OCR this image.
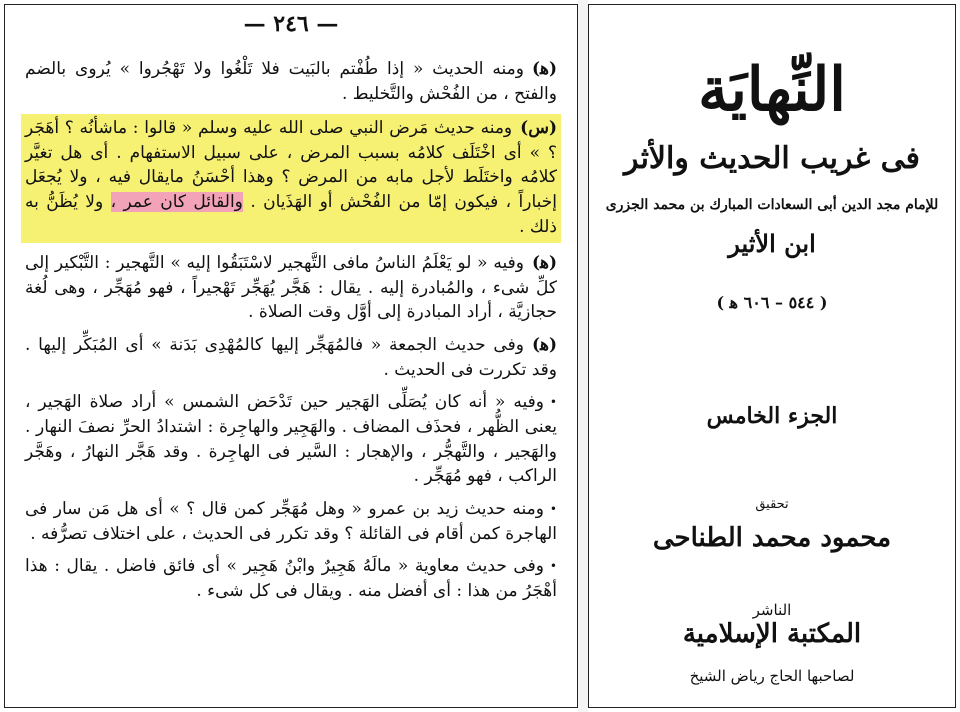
— ٢٤٦ —

(ﻫ)ومنه الحديث « إذا طُفْتم بالبَيت فلا تَلْغُوا ولا تَهْجُروا » يُروى بالضم والفتح ، من الفُحْش والتَّخليط .

(س)ومنه حديث مَرض النبي صلى الله عليه وسلم « قالوا : ماشأنُه ؟ أهَجَر ؟ » أى اخْتَلَف كلامُه بسبب المرض ، على سبيل الاستفهام . أى هل تغيَّر كلامُه واختَلَط لأجل مابه من المرض ؟ وهذا أحْسَنُ مايقال فيه ، ولا يُجعَل إخباراً ، فيكون إمّا من الفُحْش أو الهَذَيان . والقائل كان عمر ، ولا يُظَنُّ به ذلك .

(ﻫ)وفيه « لو يَعْلَمُ الناسُ مافى التَّهجير لاسْتَبَقُوا إليه » التَّهجير : التَّبْكير إلى كلِّ شىء ، والمُبادرة إليه . يقال : هَجَّر يُهَجِّر تَهْجيراً ، فهو مُهَجِّر ، وهى لُغة حجازيَّة ، أراد المبادرة إلى أوَّل وقت الصلاة .

(ﻫ)وفى حديث الجمعة « فالمُهَجِّر إليها كالمُهْدِى بَدَنة » أى المُبَكِّر إليها . وقد تكررت فى الحديث .

•وفيه « أنه كان يُصَلِّى الهَجير حين تَدْحَض الشمس » أراد صلاة الهَجير ، يعنى الظُّهر ، فحذَف المضاف . والهَجِير والهاجِرة : اشتدادُ الحرِّ نصفَ النهار . والهَجير ، والتَّهجُّر ، والإهجار : السَّير فى الهاجِرة . وقد هَجَّر النهارُ ، وهَجَّر الراكب ، فهو مُهَجِّر .

•ومنه حديث زيد بن عمرو « وهل مُهَجِّر كمن قال ؟ » أى هل مَن سار فى الهاجرة كمن أقام فى القائلة ؟ وقد تكرر فى الحديث ، على اختلاف تصرُّفه .

•وفى حديث معاوية « مالَهُ هَجِيرٌ وابْنُ هَجِير » أى فائق فاضل . يقال : هذا أهْجَرُ من هذا : أى أفضل منه . ويقال فى كل شىء .

النِّهايَة
فى غريب الحديث والأثر
للإمام مجد الدين أبى السعادات المبارك بن محمد الجزرى
ابن الأثير
( ٥٤٤ – ٦٠٦ ﻫ )
الجزء الخامس
تحقيق
محمود محمد الطناحى
الناشر
المكتبة الإسلامية
لصاحبها الحاج رياض الشيخ
